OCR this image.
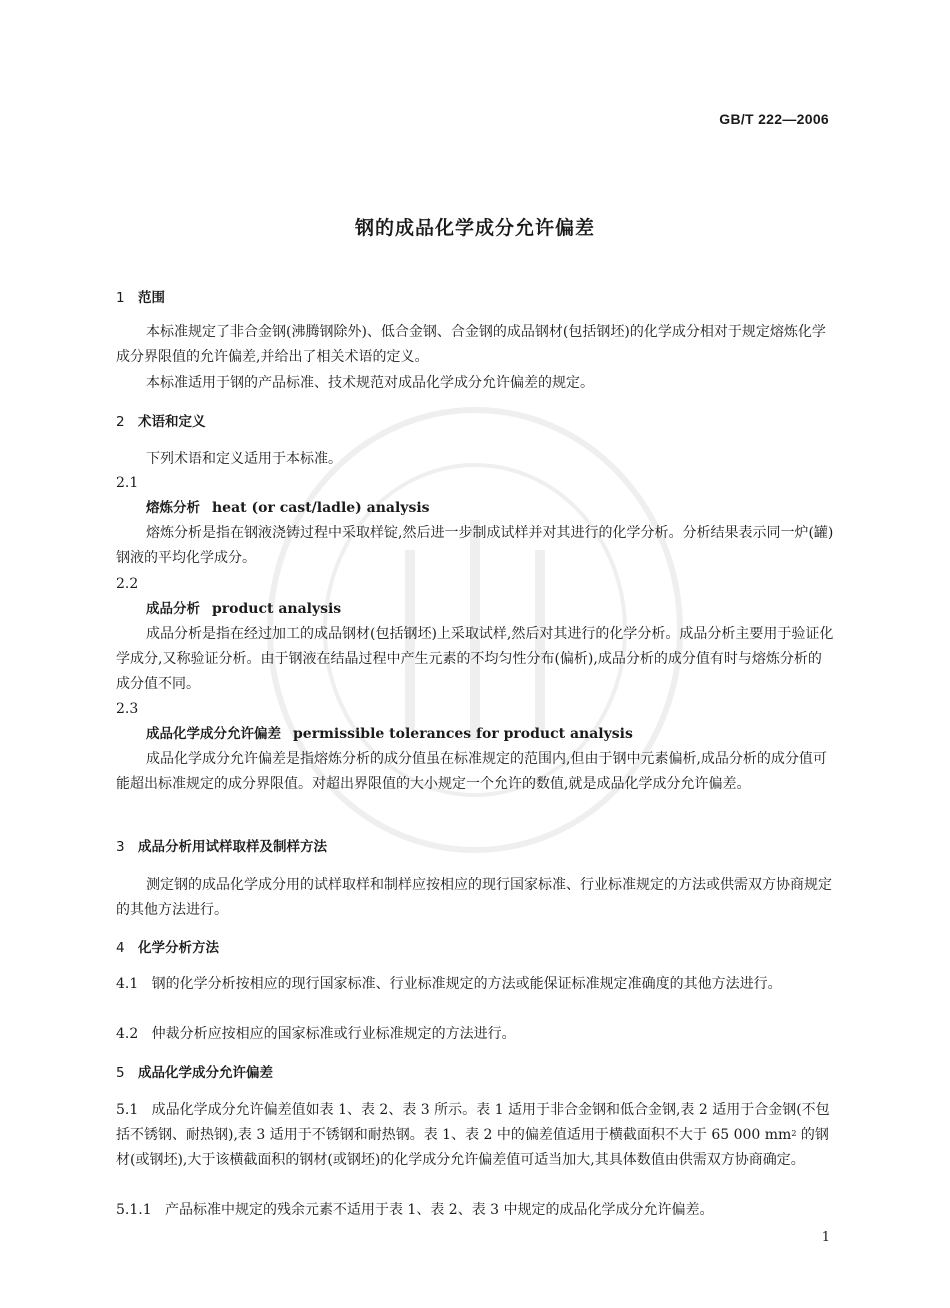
GB/T 222—2006
钢的成品化学成分允许偏差
1 范围
本标准规定了非合金钢(沸腾钢除外)、低合金钢、合金钢的成品钢材(包括钢坯)的化学成分相对于规定熔炼化学成分界限值的允许偏差,并给出了相关术语的定义。
本标准适用于钢的产品标准、技术规范对成品化学成分允许偏差的规定。
2 术语和定义
下列术语和定义适用于本标准。
2.1
熔炼分析 heat (or cast/ladle) analysis
熔炼分析是指在钢液浇铸过程中采取样锭,然后进一步制成试样并对其进行的化学分析。分析结果表示同一炉(罐)钢液的平均化学成分。
2.2
成品分析 product analysis
成品分析是指在经过加工的成品钢材(包括钢坯)上采取试样,然后对其进行的化学分析。成品分析主要用于验证化学成分,又称验证分析。由于钢液在结晶过程中产生元素的不均匀性分布(偏析),成品分析的成分值有时与熔炼分析的成分值不同。
2.3
成品化学成分允许偏差 permissible tolerances for product analysis
成品化学成分允许偏差是指熔炼分析的成分值虽在标准规定的范围内,但由于钢中元素偏析,成品分析的成分值可能超出标准规定的成分界限值。对超出界限值的大小规定一个允许的数值,就是成品化学成分允许偏差。
3 成品分析用试样取样及制样方法
测定钢的成品化学成分用的试样取样和制样应按相应的现行国家标准、行业标准规定的方法或供需双方协商规定的其他方法进行。
4 化学分析方法
4.1 钢的化学分析按相应的现行国家标准、行业标准规定的方法或能保证标准规定准确度的其他方法进行。
4.2 仲裁分析应按相应的国家标准或行业标准规定的方法进行。
5 成品化学成分允许偏差
5.1 成品化学成分允许偏差值如表 1、表 2、表 3 所示。表 1 适用于非合金钢和低合金钢,表 2 适用于合金钢(不包括不锈钢、耐热钢),表 3 适用于不锈钢和耐热钢。表 1、表 2 中的偏差值适用于横截面积不大于 65 000 $mm^2$ 的钢材(或钢坯),大于该横截面积的钢材(或钢坯)的化学成分允许偏差值可适当加大,其具体数值由供需双方协商确定。
5.1.1 产品标准中规定的残余元素不适用于表 1、表 2、表 3 中规定的成品化学成分允许偏差。
1
